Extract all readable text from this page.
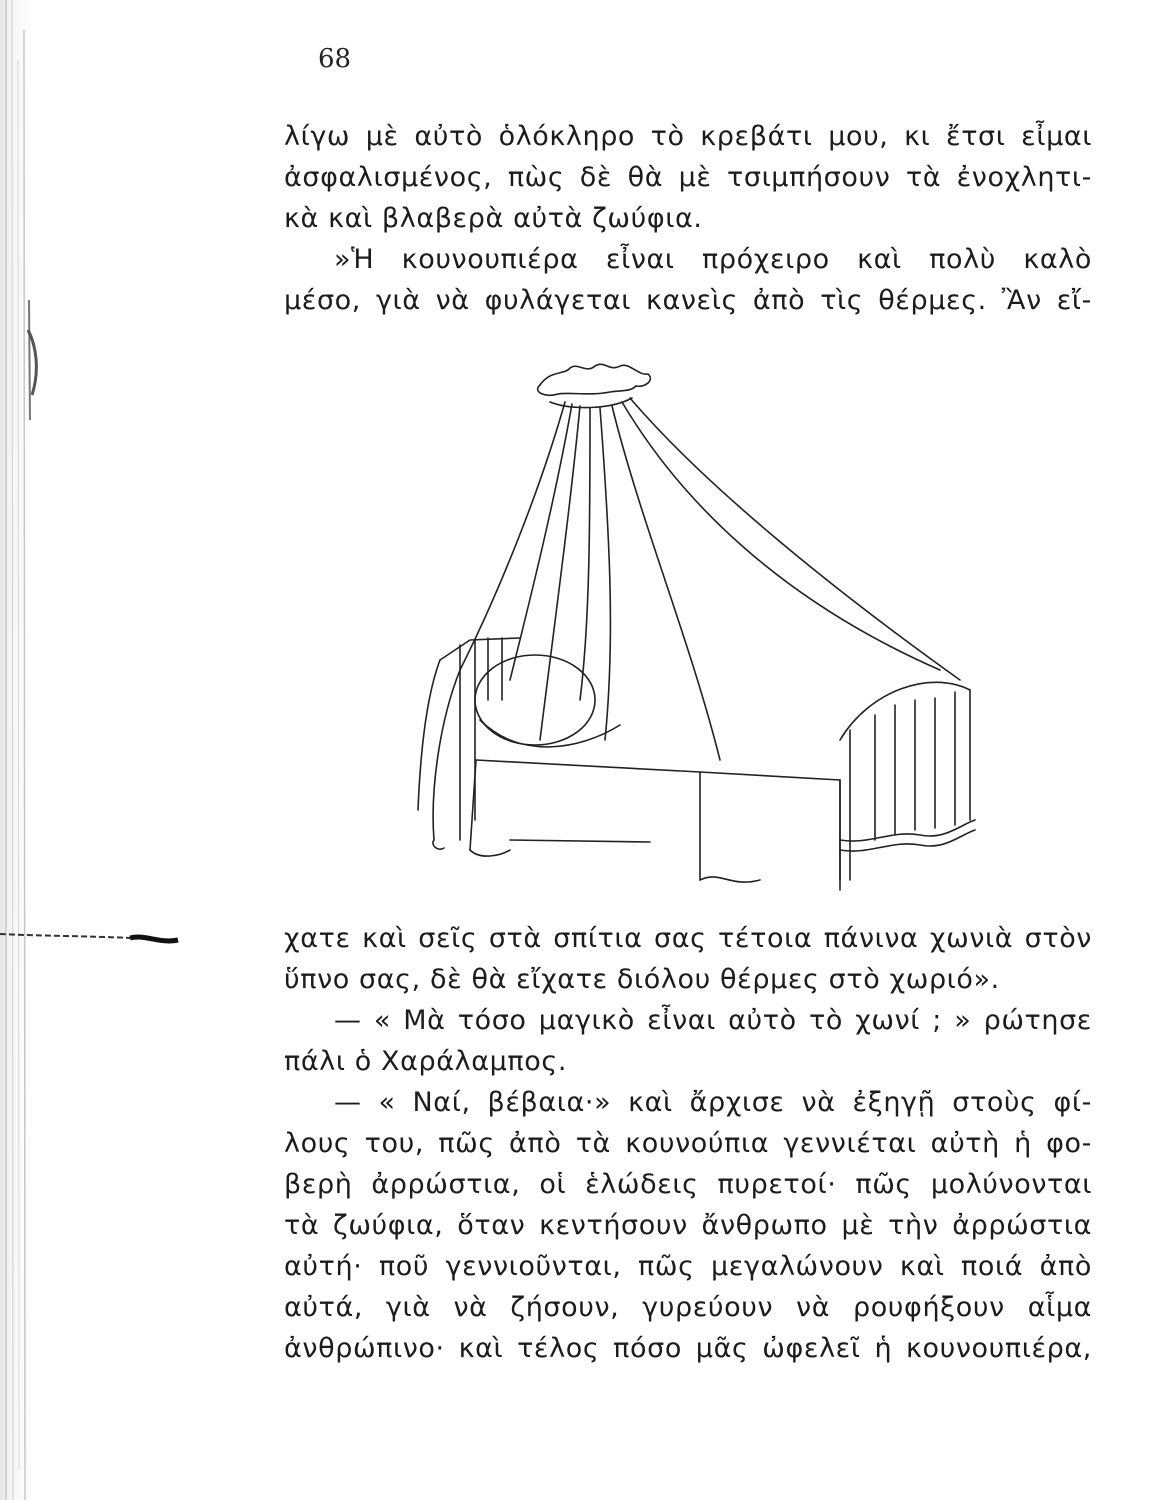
68
λίγω μὲ αὐτὸ ὁλόκληρο τὸ κρεβάτι μου, κι ἔτσι εἶμαι
ἀσφαλισμένος, πὼς δὲ θὰ μὲ τσιμπήσουν τὰ ἐνοχλητι-
κὰ καὶ βλαβερὰ αὐτὰ ζωύφια.
»Ἡ κουνουπιέρα εἶναι πρόχειρο καὶ πολὺ καλὸ
μέσο, γιὰ νὰ φυλάγεται κανεὶς ἀπὸ τὶς θέρμες. Ἂν εἴ-
χατε καὶ σεῖς στὰ σπίτια σας τέτοια πάνινα χωνιὰ στὸν
ὕπνο σας, δὲ θὰ εἴχατε διόλου θέρμες στὸ χωριό».
— « Μὰ τόσο μαγικὸ εἶναι αὐτὸ τὸ χωνί ; » ρώτησε
πάλι ὁ Χαράλαμπος.
— « Ναί, βέβαια·» καὶ ἄρχισε νὰ ἐξηγῇ στοὺς φί-
λους του, πῶς ἀπὸ τὰ κουνούπια γεννιέται αὐτὴ ἡ φο-
βερὴ ἀρρώστια, οἱ ἑλώδεις πυρετοί· πῶς μολύνονται
τὰ ζωύφια, ὅταν κεντήσουν ἄνθρωπο μὲ τὴν ἀρρώστια
αὐτή· ποῦ γεννιοῦνται, πῶς μεγαλώνουν καὶ ποιά ἀπὸ
αὐτά, γιὰ νὰ ζήσουν, γυρεύουν νὰ ρουφήξουν αἷμα
ἀνθρώπινο· καὶ τέλος πόσο μᾶς ὠφελεῖ ἡ κουνουπιέρα,
